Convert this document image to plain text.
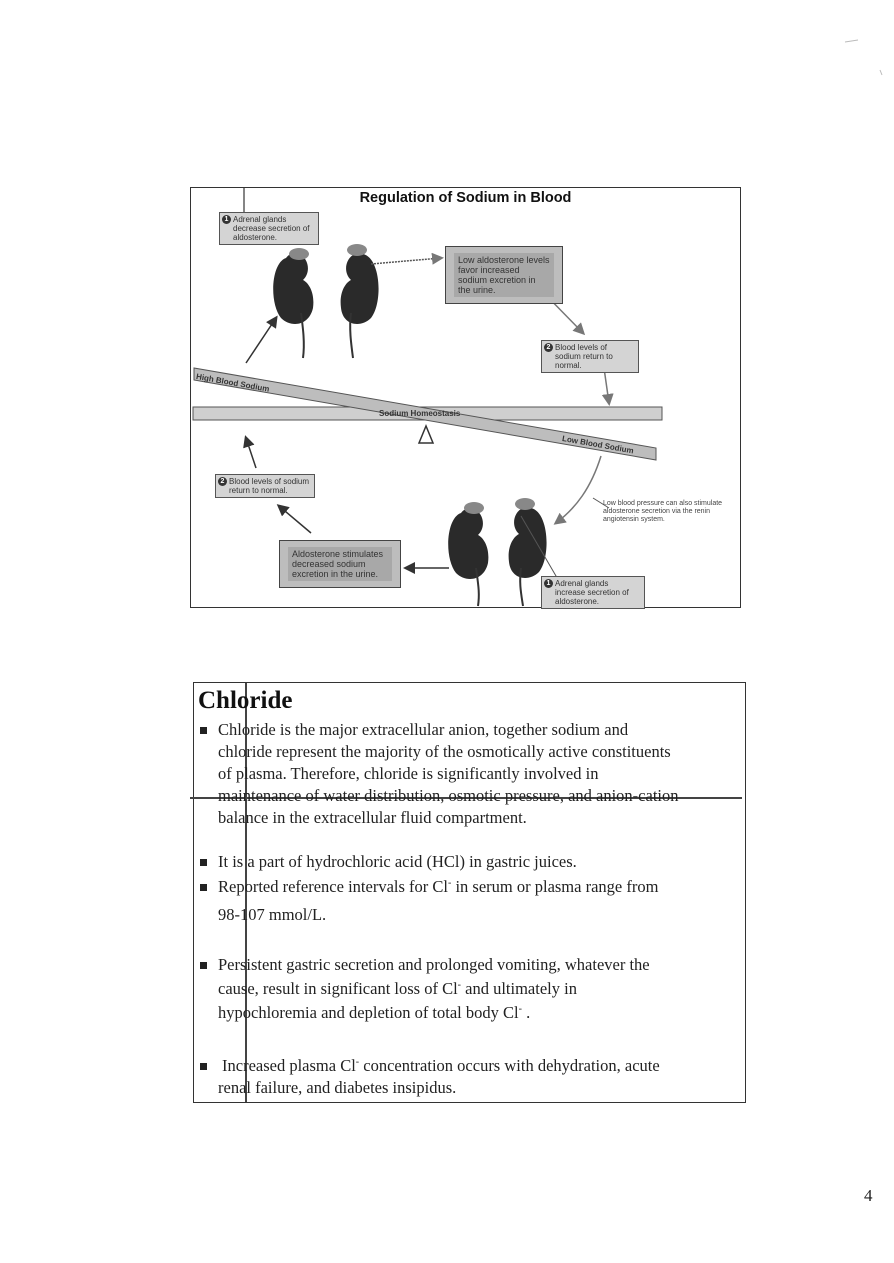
Regulation of Sodium in Blood
1 Adrenal glands decrease secretion of aldosterone.
Low aldosterone levels favor increased sodium excretion in the urine.
2 Blood levels of sodium return to normal.
High Blood Sodium
Sodium Homeostasis
Low Blood Sodium
2 Blood levels of sodium return to normal.
Low blood pressure can also stimulate aldosterone secretion via the renin angiotensin system.
Aldosterone stimulates decreased sodium excretion in the urine.
1 Adrenal glands increase secretion of aldosterone.
Chloride
Chloride is the major extracellular anion, together sodium and
chloride represent the majority of the osmotically active constituents
of plasma. Therefore, chloride is significantly involved in
maintenance of water distribution, osmotic pressure, and anion-cation
balance in the extracellular fluid compartment.
It is a part of hydrochloric acid (HCl) in gastric juices.
Reported reference intervals for Cl- in serum or plasma range from
98-107 mmol/L.
Persistent gastric secretion and prolonged vomiting, whatever the
cause, result in significant loss of Cl- and ultimately in
hypochloremia and depletion of total body Cl- .
Increased plasma Cl- concentration occurs with dehydration, acute
renal failure, and diabetes insipidus.
4
